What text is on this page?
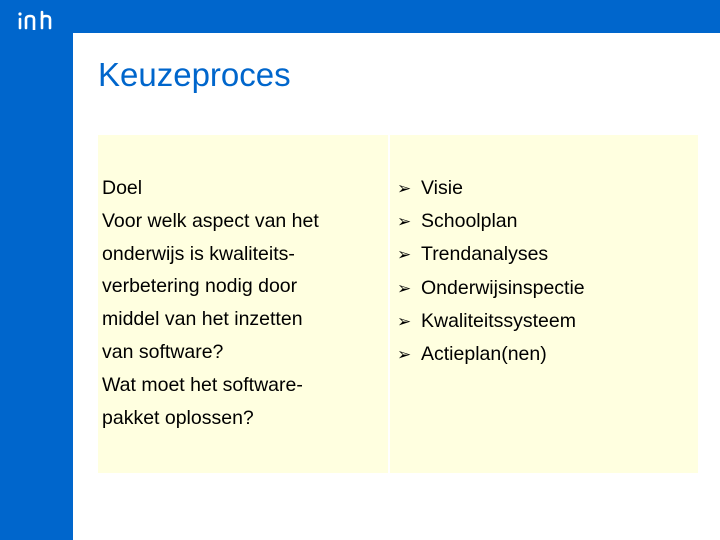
Keuzeproces
Doel
Voor welk aspect van het
onderwijs is kwaliteits-
verbetering nodig door
middel van het inzetten
van software?
Wat moet het software-
pakket oplossen?
➢ Visie
➢ Schoolplan
➢ Trendanalyses
➢ Onderwijsinspectie
➢ Kwaliteitssysteem
➢ Actieplan(nen)
